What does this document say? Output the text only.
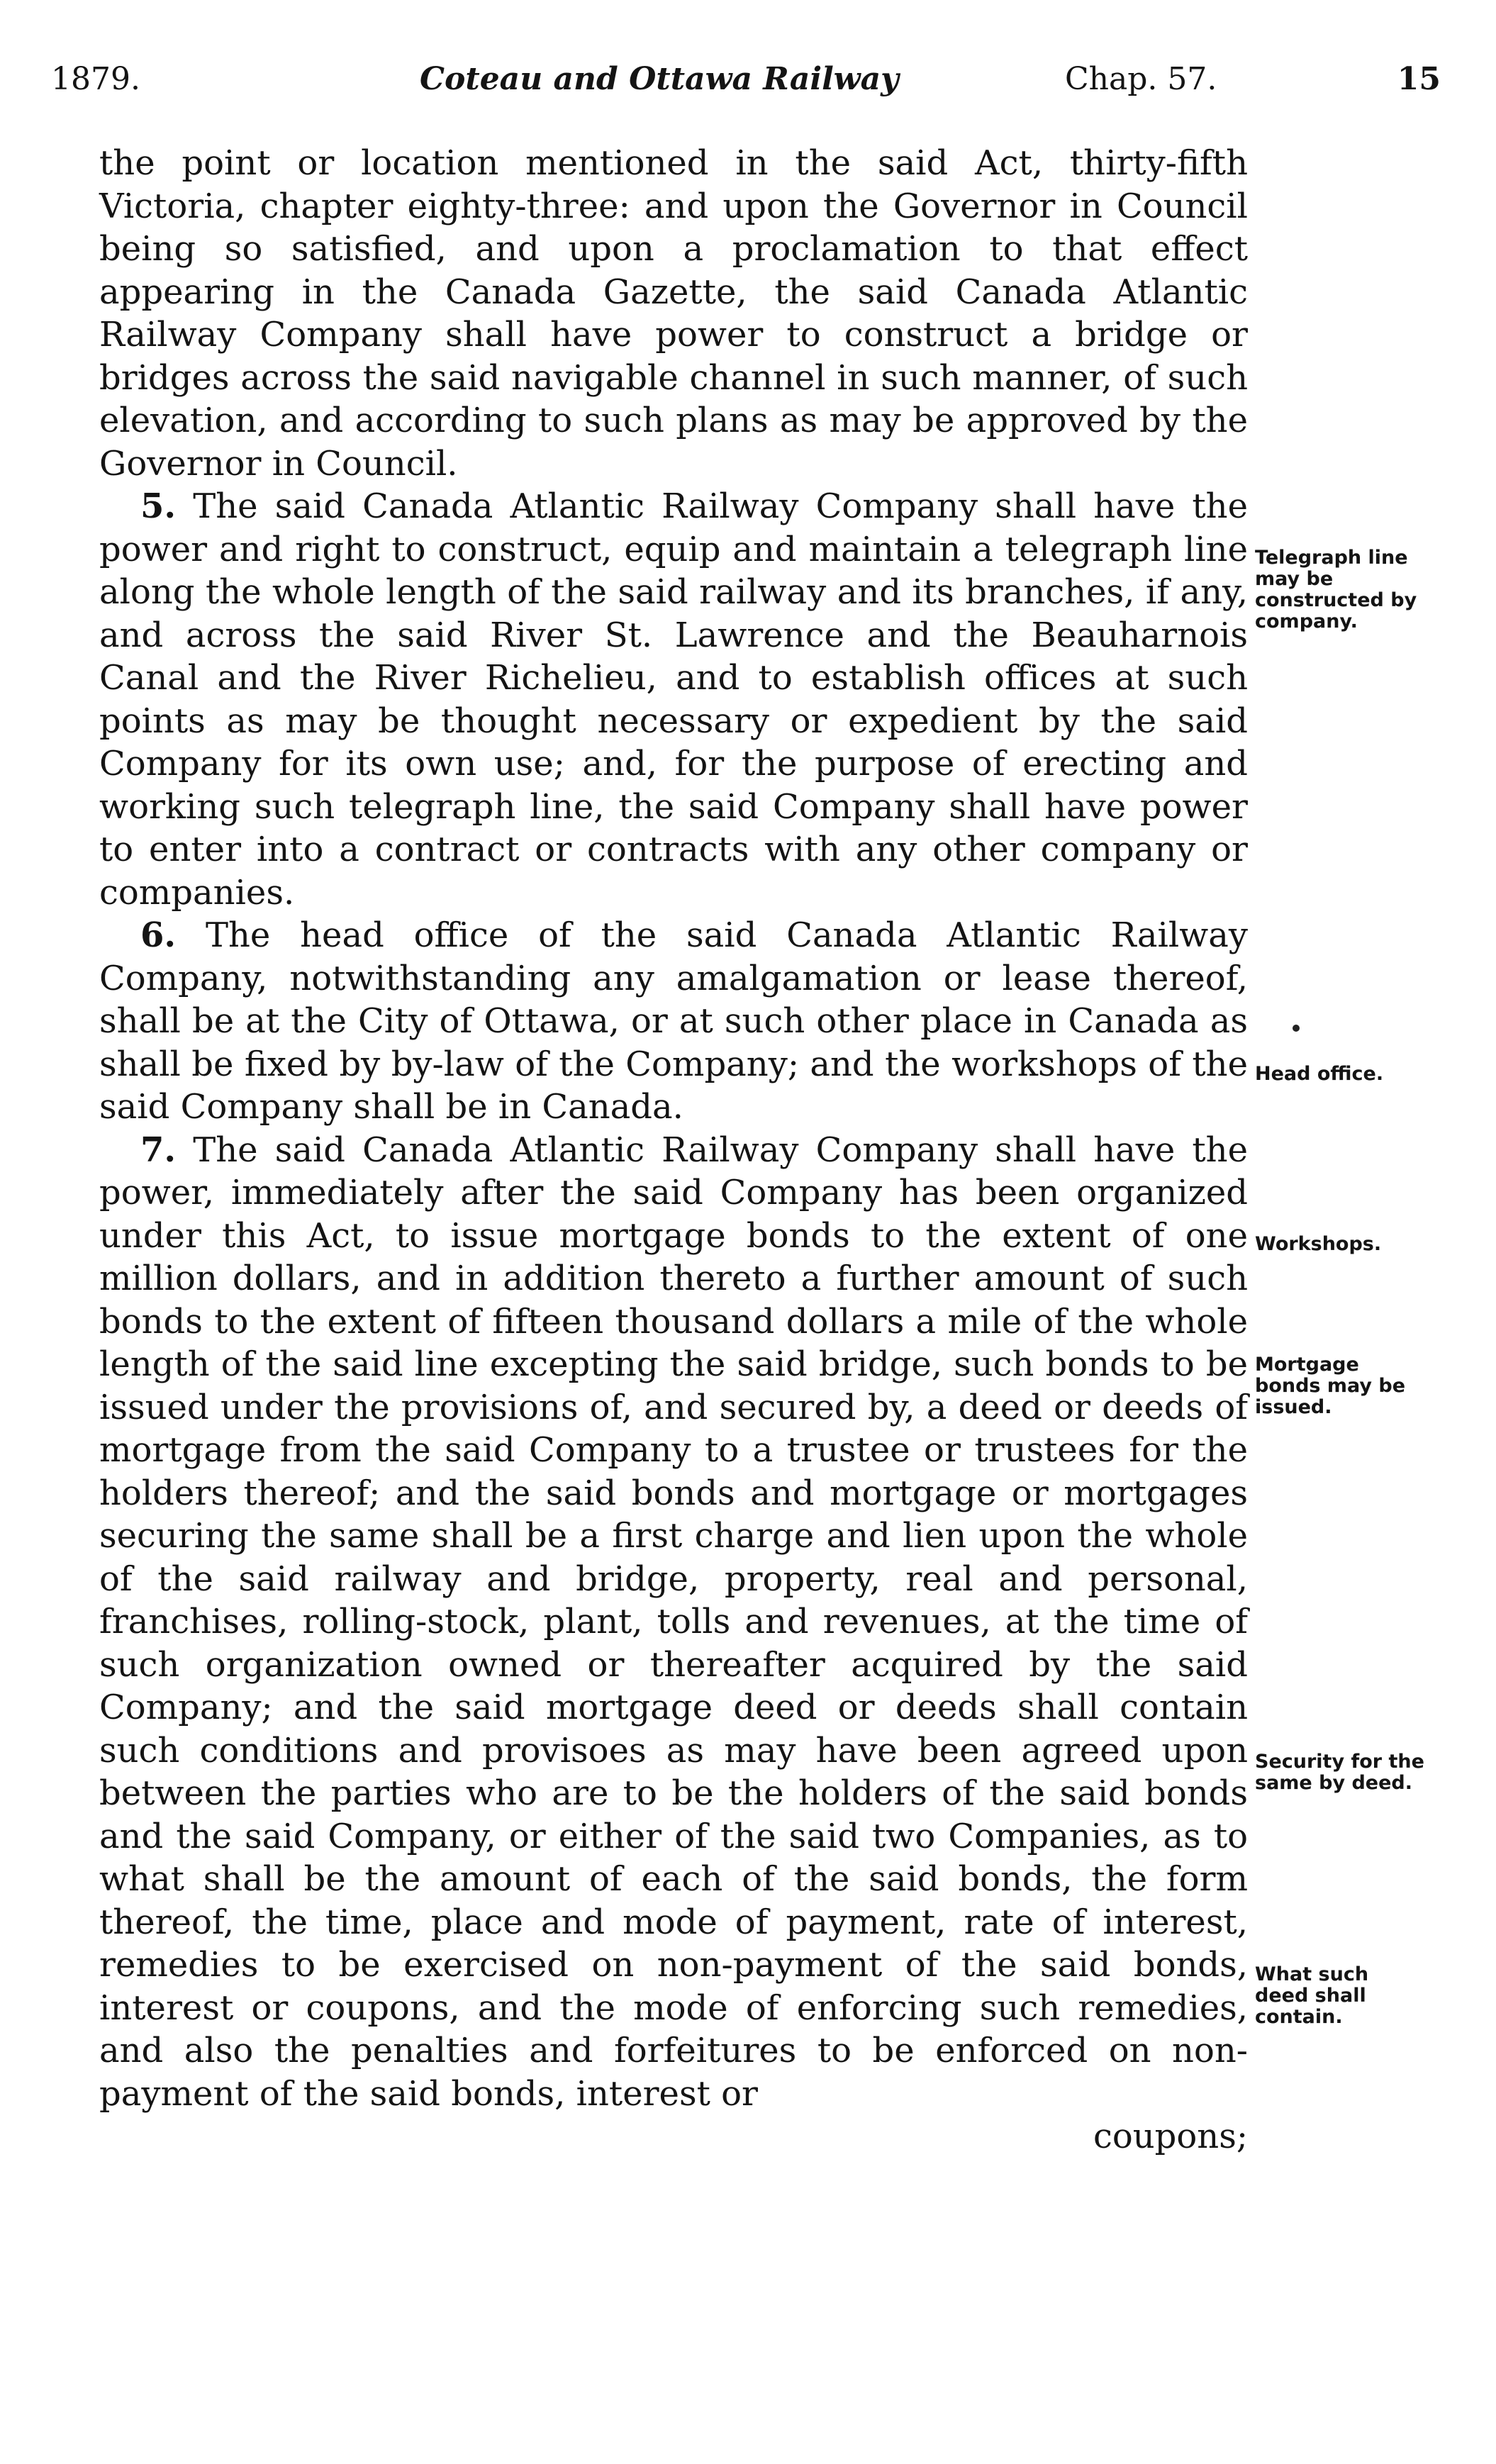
1879.	Coteau and Ottawa Railway	Chap. 57.	15

the point or location mentioned in the said Act, thirty-fifth Victoria, chapter eighty-three: and upon the Governor in Council being so satisfied, and upon a proclamation to that effect appearing in the Canada Gazette, the said Canada Atlantic Railway Company shall have power to construct a bridge or bridges across the said navigable channel in such manner, of such elevation, and according to such plans as may be approved by the Governor in Council.

5. The said Canada Atlantic Railway Company shall have the power and right to construct, equip and maintain a telegraph line along the whole length of the said railway and its branches, if any, and across the said River St. Lawrence and the Beauharnois Canal and the River Richelieu, and to establish offices at such points as may be thought necessary or expedient by the said Company for its own use; and, for the purpose of erecting and working such telegraph line, the said Company shall have power to enter into a contract or contracts with any other company or companies.

6. The head office of the said Canada Atlantic Railway Company, notwithstanding any amalgamation or lease thereof, shall be at the City of Ottawa, or at such other place in Canada as shall be fixed by by-law of the Company; and the workshops of the said Company shall be in Canada.

7. The said Canada Atlantic Railway Company shall have the power, immediately after the said Company has been organized under this Act, to issue mortgage bonds to the extent of one million dollars, and in addition thereto a further amount of such bonds to the extent of fifteen thousand dollars a mile of the whole length of the said line excepting the said bridge, such bonds to be issued under the provisions of, and secured by, a deed or deeds of mortgage from the said Company to a trustee or trustees for the holders thereof; and the said bonds and mortgage or mortgages securing the same shall be a first charge and lien upon the whole of the said railway and bridge, property, real and personal, franchises, rolling-stock, plant, tolls and revenues, at the time of such organization owned or thereafter acquired by the said Company; and the said mortgage deed or deeds shall contain such conditions and provisoes as may have been agreed upon between the parties who are to be the holders of the said bonds and the said Company, or either of the said two Companies, as to what shall be the amount of each of the said bonds, the form thereof, the time, place and mode of payment, rate of interest, remedies to be exercised on non-payment of the said bonds, interest or coupons, and the mode of enforcing such remedies, and also the penalties and forfeitures to be enforced on non-payment of the said bonds, interest or

coupons;

Telegraph line may be constructed by company.
Head office.
Workshops.
Mortgage bonds may be issued.
Security for the same by deed.
What such deed shall contain.
